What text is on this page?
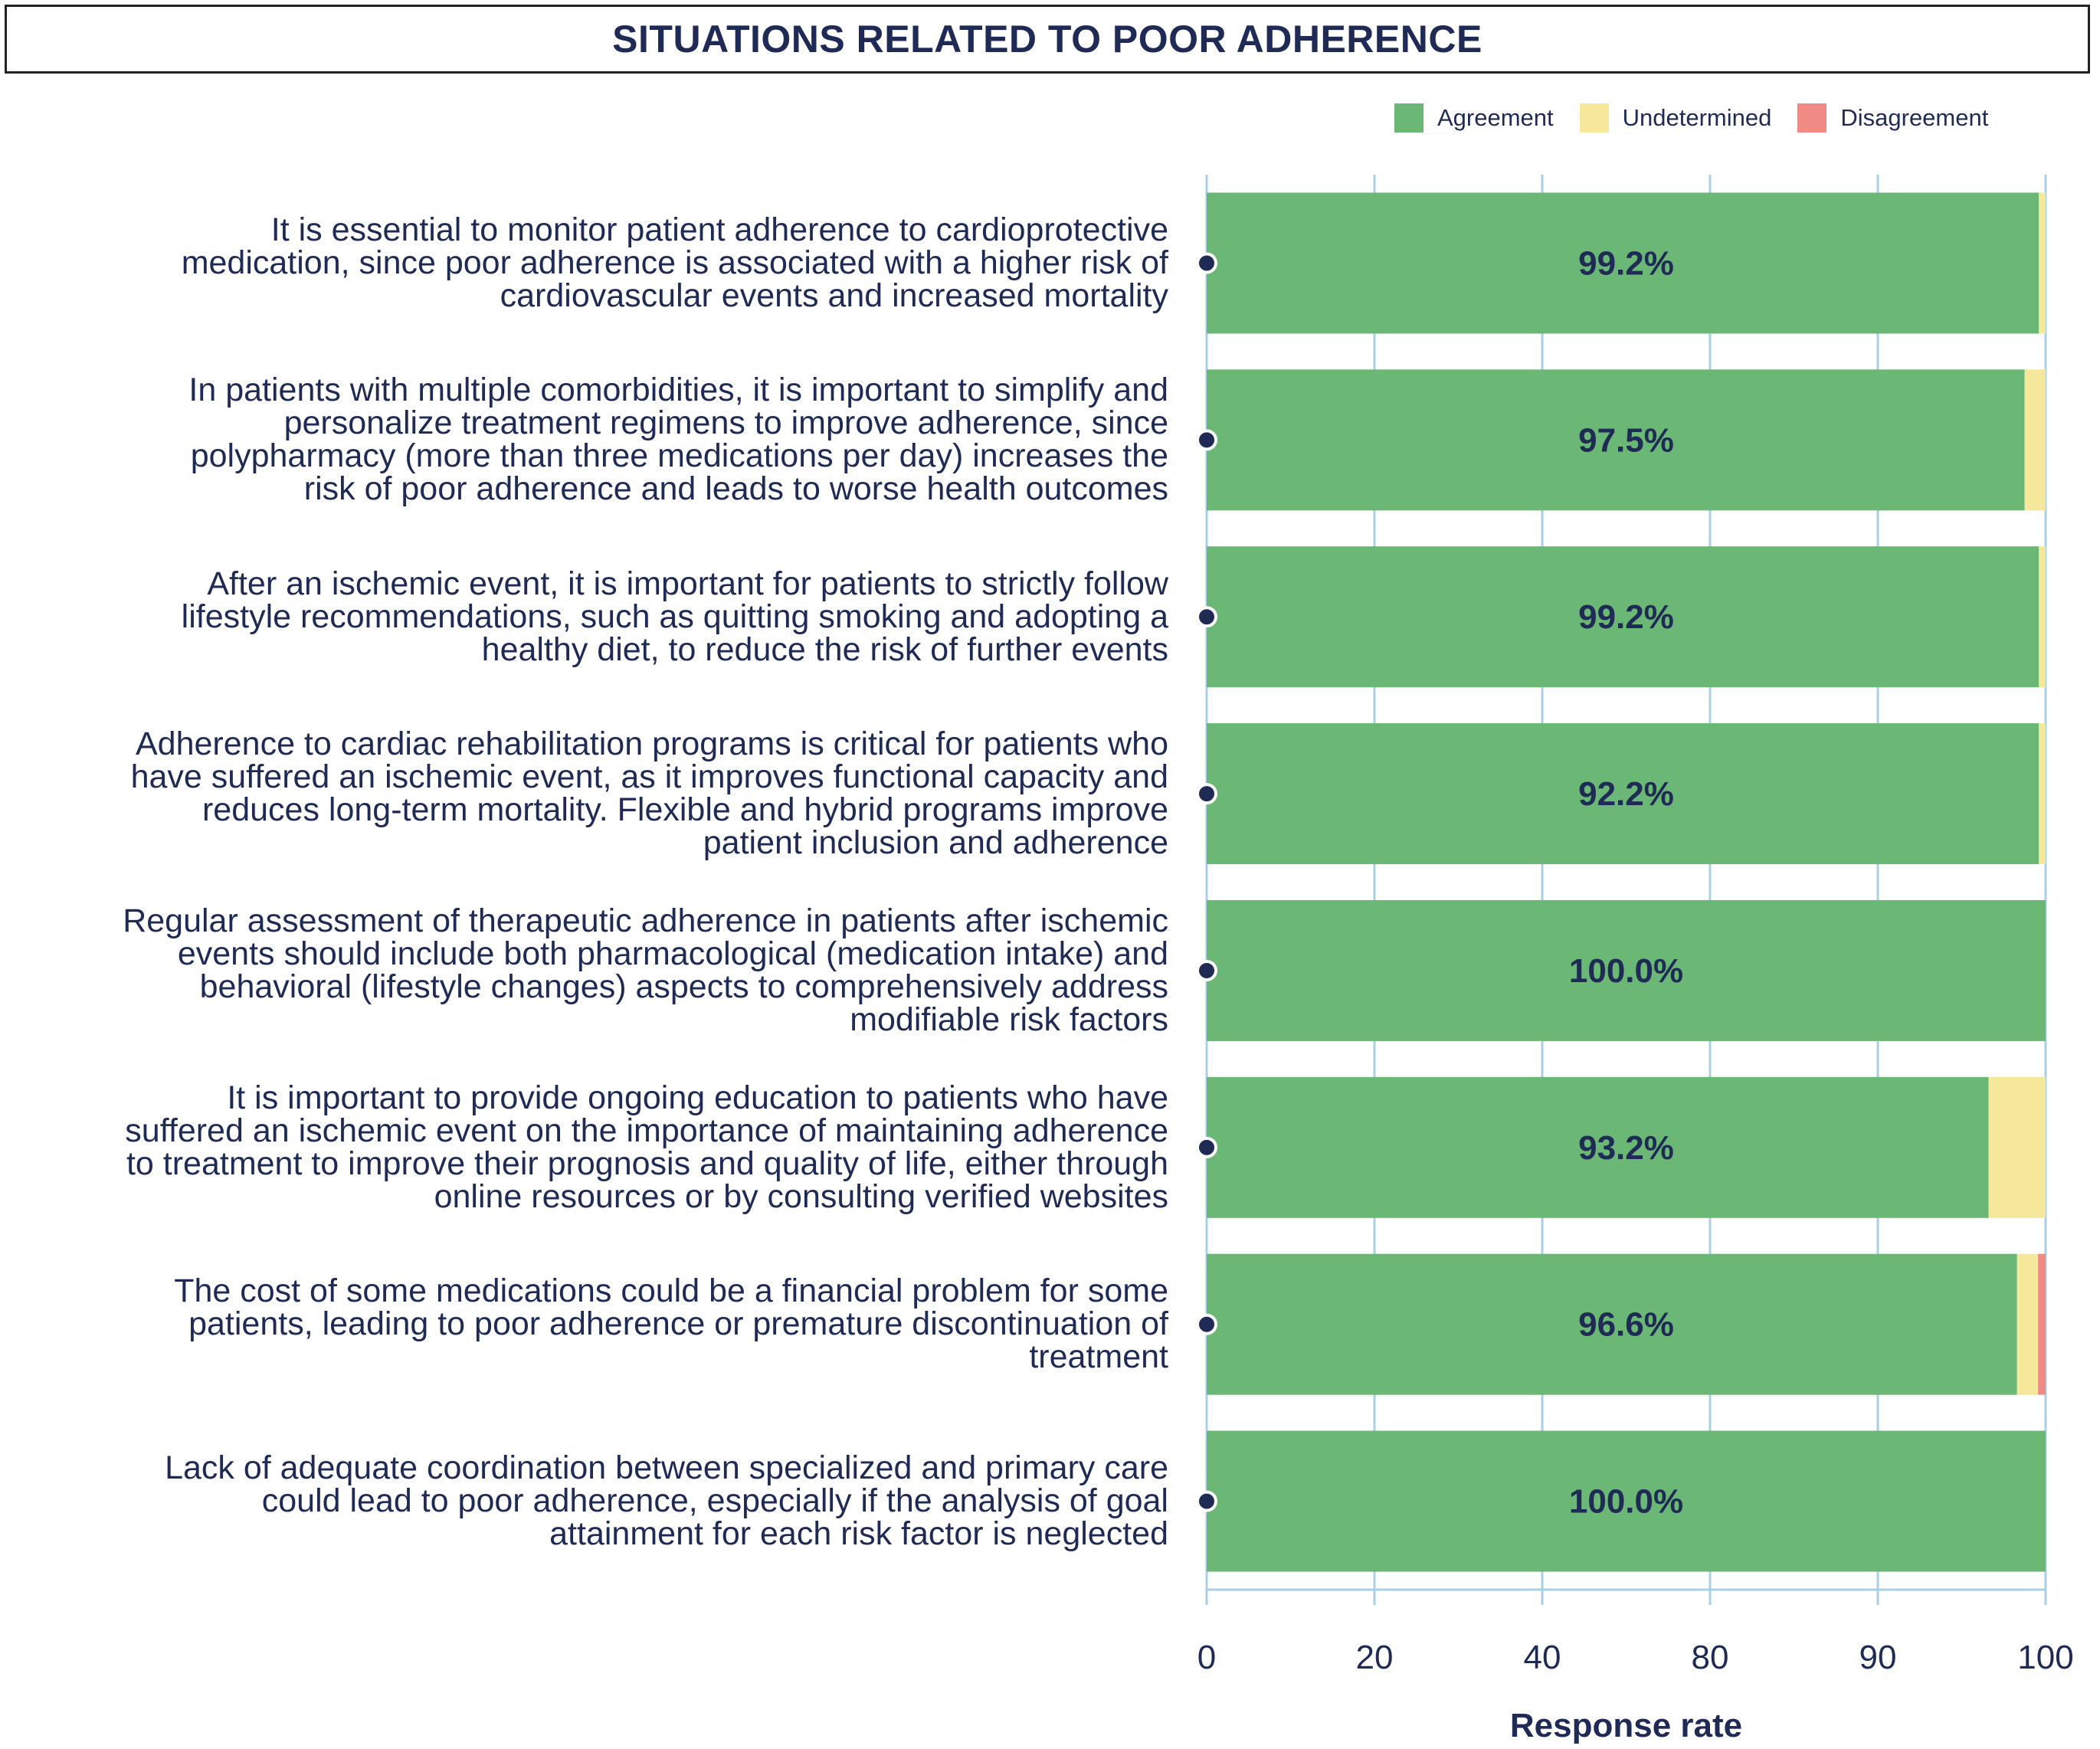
SITUATIONS RELATED TO POOR ADHERENCE
Agreement	Undetermined	Disagreement
99.2%
97.5%
99.2%
92.2%
100.0%
93.2%
96.6%
100.0%
0	20	40	80	90	100
It is essential to monitor patient adherence to cardioprotective
medication, since poor adherence is associated with a higher risk of
cardiovascular events and increased mortality
In patients with multiple comorbidities, it is important to simplify and
personalize treatment regimens to improve adherence, since
polypharmacy (more than three medications per day) increases the
risk of poor adherence and leads to worse health outcomes
After an ischemic event, it is important for patients to strictly follow
lifestyle recommendations, such as quitting smoking and adopting a
healthy diet, to reduce the risk of further events
Adherence to cardiac rehabilitation programs is critical for patients who
have suffered an ischemic event, as it improves functional capacity and
reduces long-term mortality. Flexible and hybrid programs improve
patient inclusion and adherence
Regular assessment of therapeutic adherence in patients after ischemic
events should include both pharmacological (medication intake) and
behavioral (lifestyle changes) aspects to comprehensively address
modifiable risk factors
It is important to provide ongoing education to patients who have
suffered an ischemic event on the importance of maintaining adherence
to treatment to improve their prognosis and quality of life, either through
online resources or by consulting verified websites
The cost of some medications could be a financial problem for some
patients, leading to poor adherence or premature discontinuation of
treatment
Lack of adequate coordination between specialized and primary care
could lead to poor adherence, especially if the analysis of goal
attainment for each risk factor is neglected
Response rate
